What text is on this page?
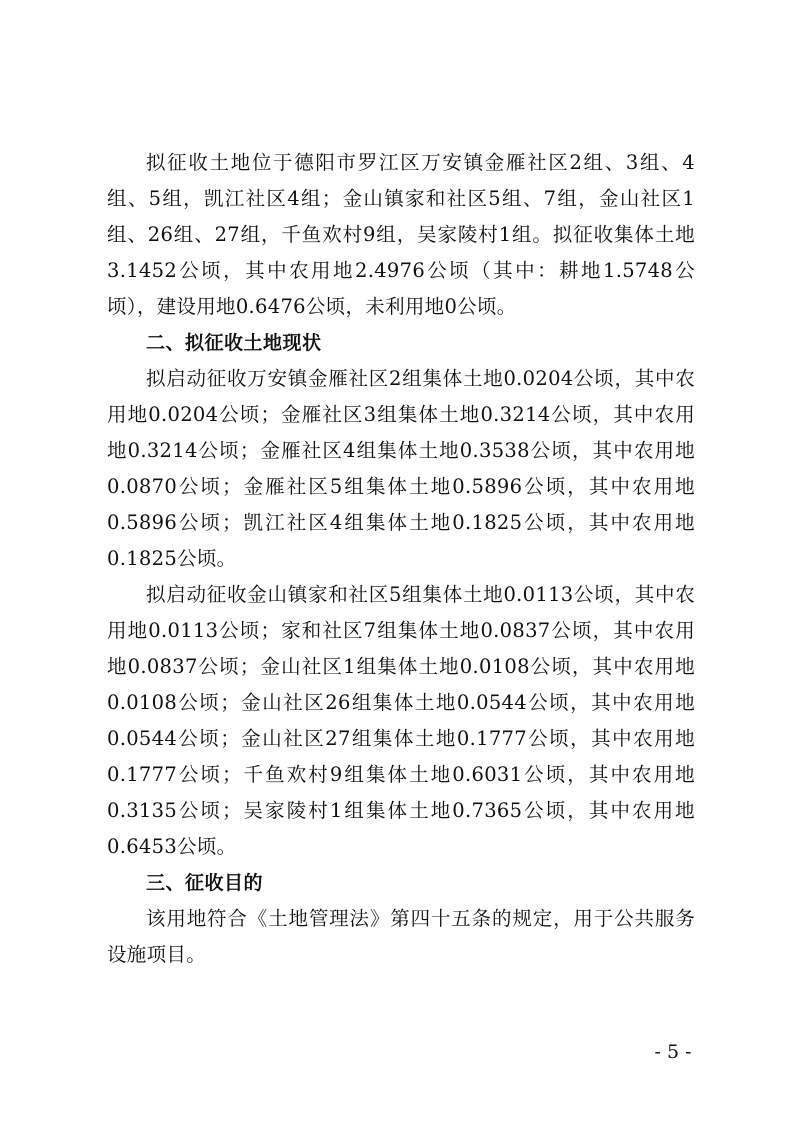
拟征收土地位于德阳市罗江区万安镇金雁社区2组、3组、4组、5组，凯江社区4组；金山镇家和社区5组、7组，金山社区1组、26组、27组，千鱼欢村9组，吴家陵村1组。拟征收集体土地3.1452公顷，其中农用地2.4976公顷（其中：耕地1.5748公顷），建设用地0.6476公顷，未利用地0公顷。

二、拟征收土地现状

拟启动征收万安镇金雁社区2组集体土地0.0204公顷，其中农用地0.0204公顷；金雁社区3组集体土地0.3214公顷，其中农用地0.3214公顷；金雁社区4组集体土地0.3538公顷，其中农用地0.0870公顷；金雁社区5组集体土地0.5896公顷，其中农用地0.5896公顷；凯江社区4组集体土地0.1825公顷，其中农用地0.1825公顷。

拟启动征收金山镇家和社区5组集体土地0.0113公顷，其中农用地0.0113公顷；家和社区7组集体土地0.0837公顷，其中农用地0.0837公顷；金山社区1组集体土地0.0108公顷，其中农用地0.0108公顷；金山社区26组集体土地0.0544公顷，其中农用地0.0544公顷；金山社区27组集体土地0.1777公顷，其中农用地0.1777公顷；千鱼欢村9组集体土地0.6031公顷，其中农用地0.3135公顷；吴家陵村1组集体土地0.7365公顷，其中农用地0.6453公顷。

三、征收目的

该用地符合《土地管理法》第四十五条的规定，用于公共服务设施项目。

- 5 -
